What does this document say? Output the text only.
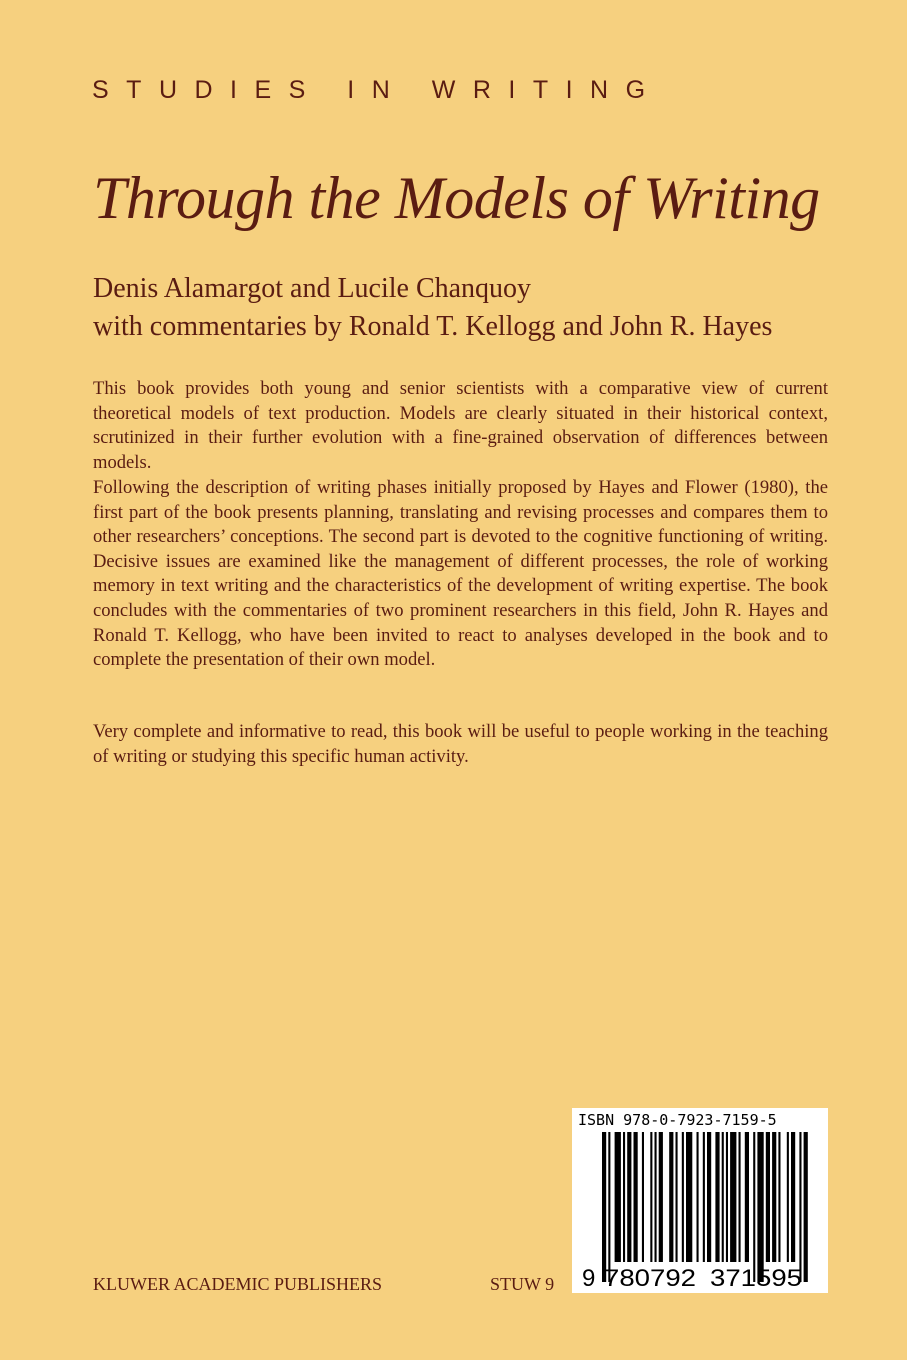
STUDIES IN WRITING
Through the Models of Writing
Denis Alamargot and Lucile Chanquoy
with commentaries by Ronald T. Kellogg and John R. Hayes
This book provides both young and senior scientists with a comparative view of current theoretical models of text production. Models are clearly situated in their historical context, scrutinized in their further evolution with a fine-grained observation of differences between models.
Following the description of writing phases initially proposed by Hayes and Flower (1980), the first part of the book presents planning, translating and revising processes and compares them to other researchers’ conceptions. The second part is devoted to the cognitive functioning of writing. Decisive issues are examined like the management of different processes, the role of working memory in text writing and the characteristics of the development of writing expertise. The book concludes with the commentaries of two prominent researchers in this field, John R. Hayes and Ronald T. Kellogg, who have been invited to react to analyses developed in the book and to complete the presentation of their own model.
Very complete and informative to read, this book will be useful to people working in the teaching of writing or studying this specific human activity.
KLUWER ACADEMIC PUBLISHERS	STUW 9
ISBN 978-0-7923-7159-5
9 780792 371595
